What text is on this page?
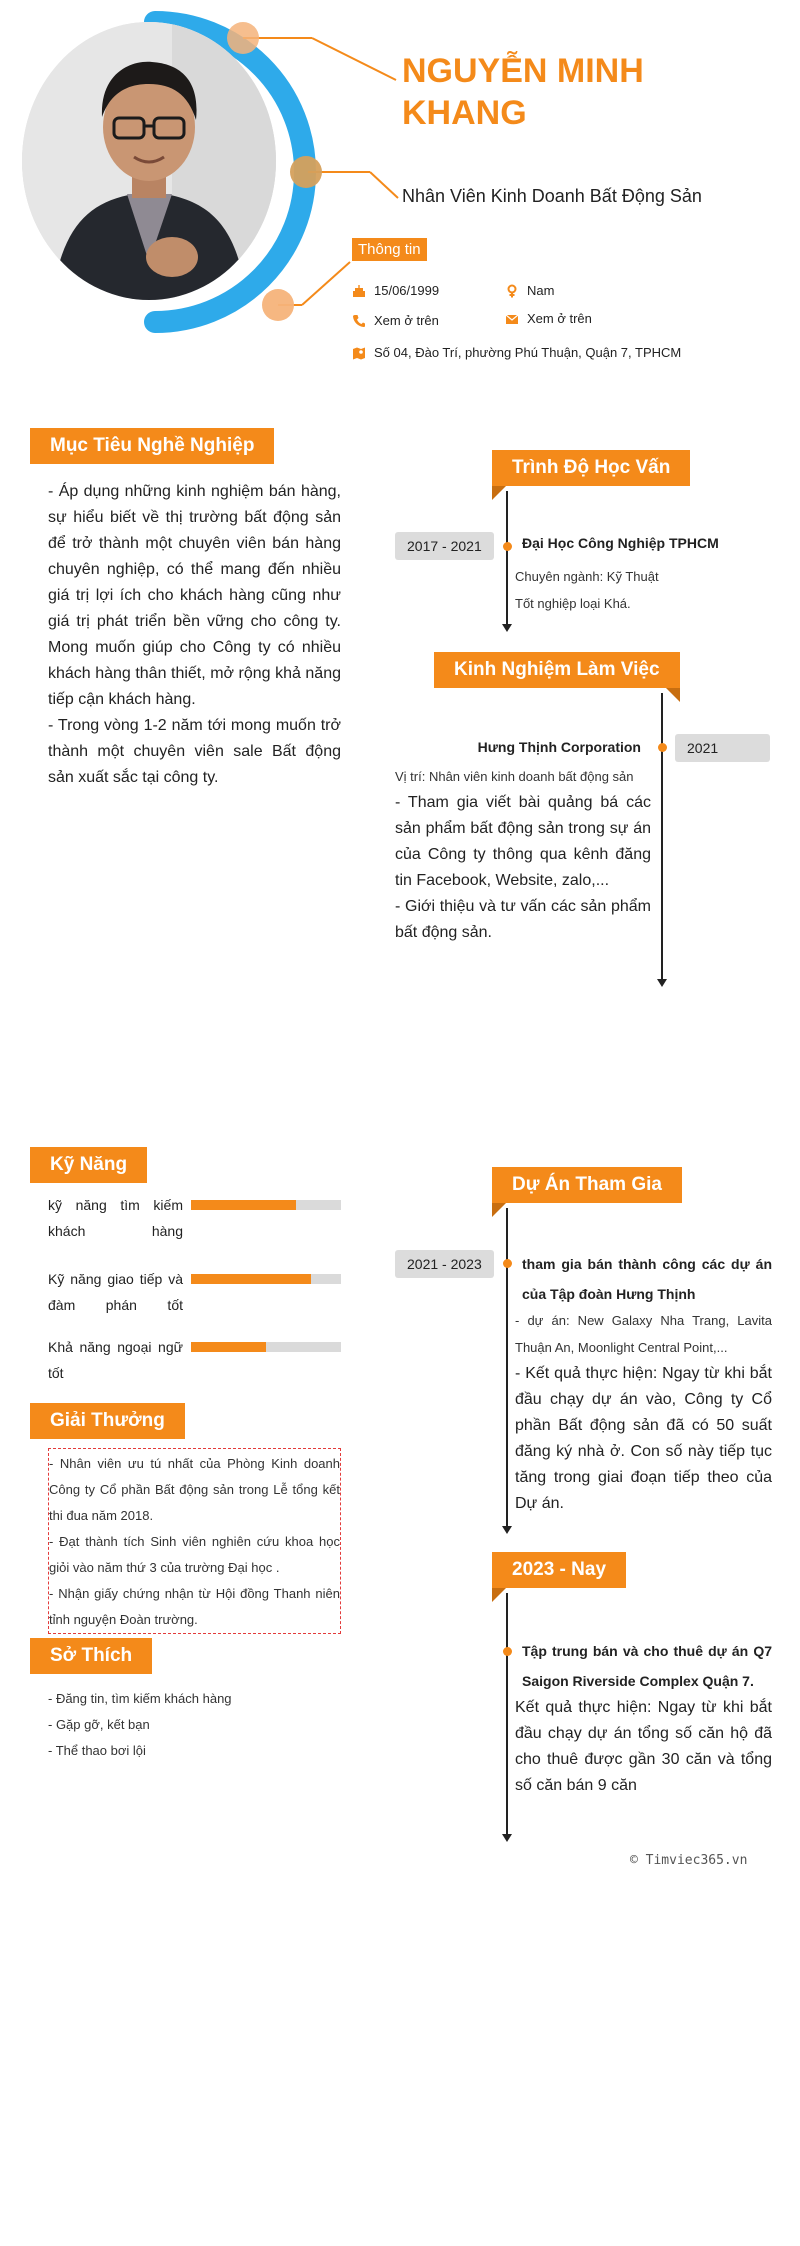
NGUYỄN MINH KHANG
Nhân Viên Kinh Doanh Bất Động Sản
Thông tin
15/06/1999	Nam
Xem ở trên	Xem ở trên
Số 04, Đào Trí, phường Phú Thuận, Quận 7, TPHCM
Mục Tiêu Nghề Nghiệp
- Áp dụng những kinh nghiệm bán hàng, sự hiểu biết về thị trường bất động sản để trở thành một chuyên viên bán hàng chuyên nghiệp, có thể mang đến nhiều giá trị lợi ích cho khách hàng cũng như giá trị phát triển bền vững cho công ty. Mong muốn giúp cho Công ty có nhiều khách hàng thân thiết, mở rộng khả năng tiếp cận khách hàng.
- Trong vòng 1-2 năm tới mong muốn trở thành một chuyên viên sale Bất động sản xuất sắc tại công ty.
Kỹ Năng
kỹ năng tìm kiếm khách hàng
Kỹ năng giao tiếp và đàm phán tốt
Khả năng ngoại ngữ tốt
Giải Thưởng
- Nhân viên ưu tú nhất của Phòng Kinh doanh Công ty Cổ phần Bất động sản trong Lễ tổng kết thi đua năm 2018.
- Đạt thành tích Sinh viên nghiên cứu khoa học giỏi vào năm thứ 3 của trường Đại học .
- Nhận giấy chứng nhận từ Hội đồng Thanh niên tỉnh nguyện Đoàn trường.
Sở Thích
- Đăng tin, tìm kiếm khách hàng
- Gặp gỡ, kết bạn
- Thể thao bơi lội
Trình Độ Học Vấn
2017 - 2021	Đại Học Công Nghiệp TPHCM
Chuyên ngành: Kỹ Thuật
Tốt nghiệp loại Khá.
Kinh Nghiệm Làm Việc
Hưng Thịnh Corporation	2021
Vị trí: Nhân viên kinh doanh bất động sản
- Tham gia viết bài quảng bá các sản phẩm bất động sản trong sự án của Công ty thông qua kênh đăng tin Facebook, Website, zalo,...
- Giới thiệu và tư vấn các sản phẩm bất động sản.
Dự Án Tham Gia
2021 - 2023	tham gia bán thành công các dự án của Tập đoàn Hưng Thịnh
- dự án: New Galaxy Nha Trang, Lavita Thuận An, Moonlight Central Point,...
- Kết quả thực hiện: Ngay từ khi bắt đầu chạy dự án vào, Công ty Cổ phần Bất động sản đã có 50 suất đăng ký nhà ở. Con số này tiếp tục tăng trong giai đoạn tiếp theo của Dự án.
2023 - Nay
Tập trung bán và cho thuê dự án Q7 Saigon Riverside Complex Quận 7.
Kết quả thực hiện: Ngay từ khi bắt đầu chạy dự án tổng số căn hộ đã cho thuê được gần 30 căn và tổng số căn bán 9 căn
© Timviec365.vn
